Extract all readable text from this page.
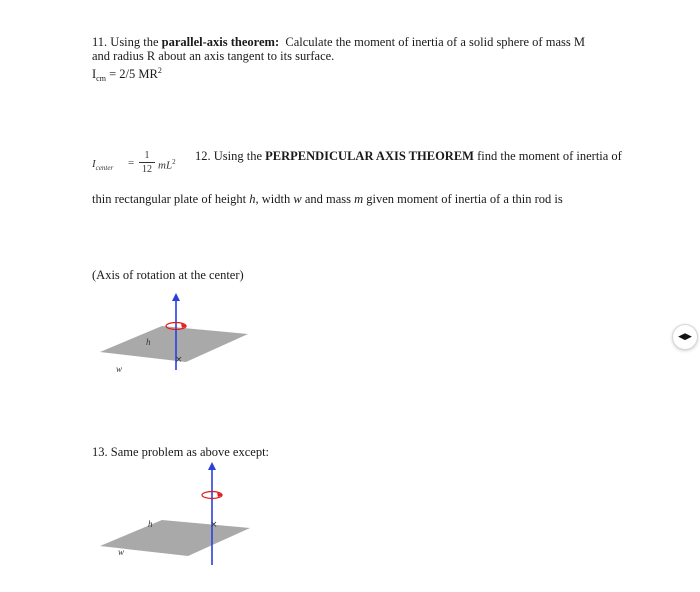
11. Using the parallel-axis theorem: Calculate the moment of inertia of a solid sphere of mass M
and radius R about an axis tangent to its surface.
$I_{cm} = 2/5$ $MR^2$
$I_{center}$ =
1
12 $mL^2$ 12. Using the PERPENDICULAR AXIS THEOREM find the moment of inertia of
thin rectangular plate of height h, width w and mass m given moment of inertia of a thin rod is
(Axis of rotation at the center)
×
h
w
13. Same problem as above except:
×
h
w
◀▶
